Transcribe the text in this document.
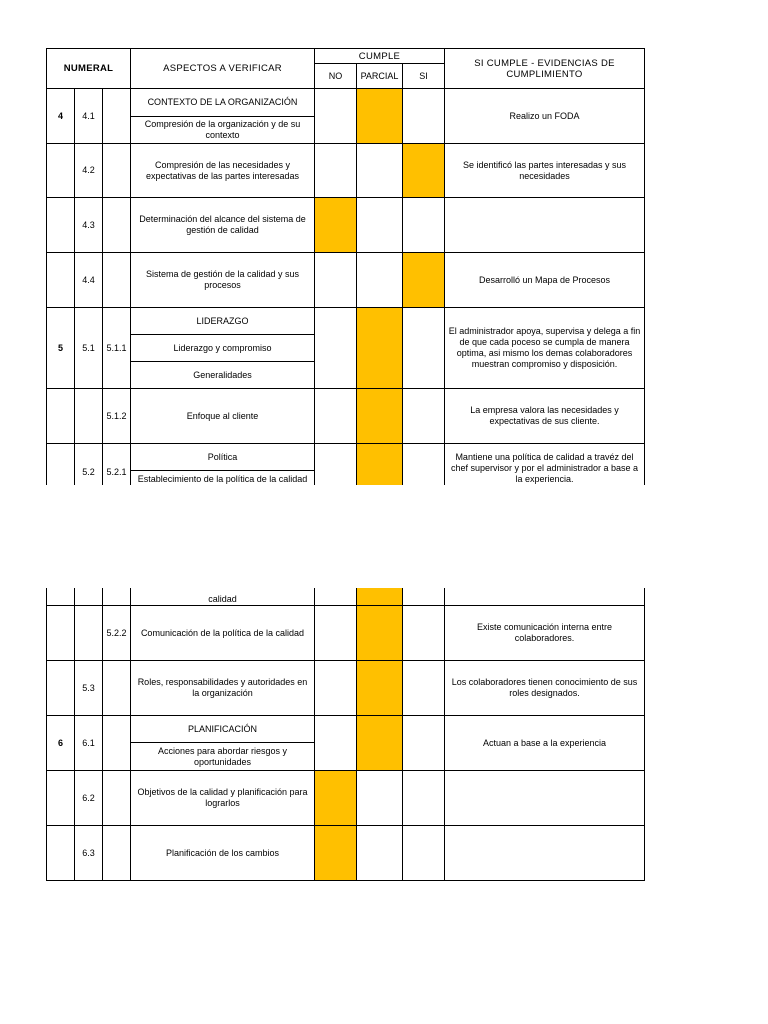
NUMERAL			ASPECTOS A VERIFICAR	CUMPLE			SI CUMPLE - EVIDENCIAS DE CUMPLIMIENTO
				NO	PARCIAL	SI	
4	4.1		CONTEXTO DE LA ORGANIZACIÓN				Realizo un FODA
			Compresión de la organización y de su contexto				
	4.2		Compresión de las necesidades y expectativas de las partes interesadas				Se identificó las partes interesadas y sus necesidades
	4.3		Determinación del alcance del sistema de gestión de calidad				
	4.4		Sistema de gestión de la calidad y sus procesos				Desarrolló un Mapa de Procesos
5	5.1	5.1.1	LIDERAZGO				El administrador apoya, supervisa y delega a fin de que cada poceso se cumpla de manera optima, asi mismo los demas colaboradores muestran compromiso y disposición.
			Liderazgo y compromiso				
			Generalidades				
		5.1.2	Enfoque al cliente				La empresa valora las necesidades y expectativas de sus cliente.
	5.2	5.2.1	Política				Mantiene una política de calidad a travéz del chef supervisor y por el administrador a base a la experiencia.
			Establecimiento de la política de la calidad				
			calidad				
		5.2.2	Comunicación de la política de la calidad				Existe comunicación interna entre colaboradores.
	5.3		Roles, responsabilidades y autoridades en la organización				Los colaboradores tienen conocimiento de sus roles designados.
6	6.1		PLANIFICACIÓN				Actuan a base a la experiencia
			Acciones para abordar riesgos y oportunidades				
	6.2		Objetivos de la calidad y planificación para lograrlos				
	6.3		Planificación de los cambios				
